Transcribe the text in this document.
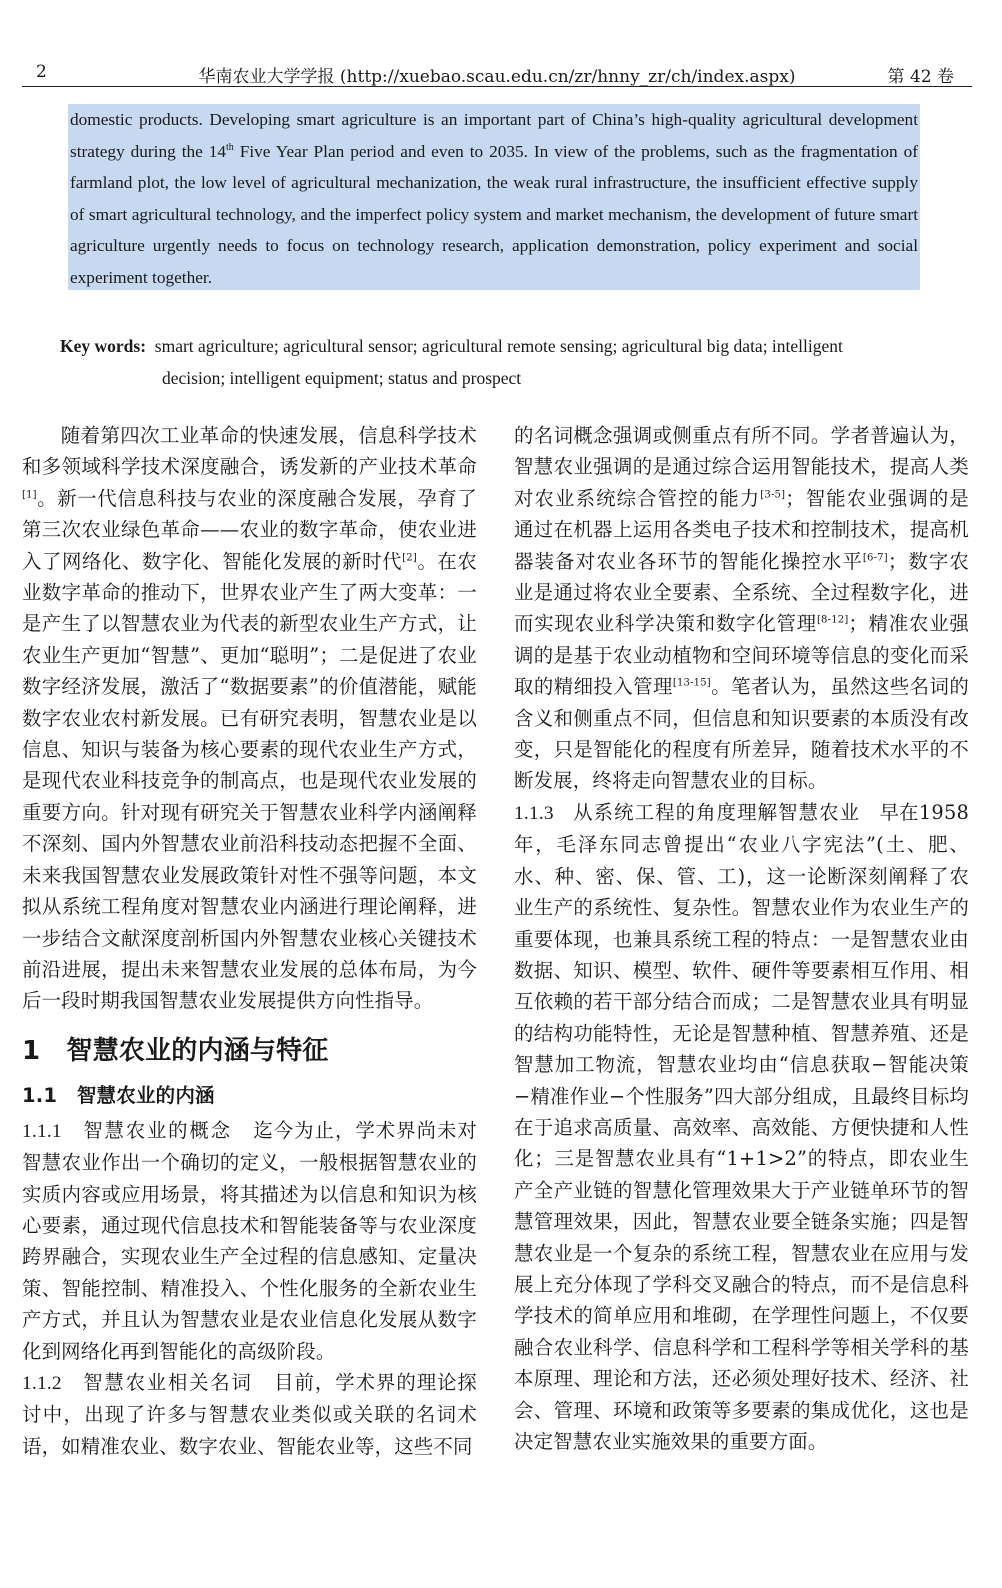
2	华南农业大学学报 (http://xuebao.scau.edu.cn/zr/hnny_zr/ch/index.aspx)	第 42 卷
domestic products. Developing smart agriculture is an important part of China’s high-quality agricultural development strategy during the 14th Five Year Plan period and even to 2035. In view of the problems, such as the fragmentation of farmland plot, the low level of agricultural mechanization, the weak rural infrastructure, the insufficient effective supply of smart agricultural technology, and the imperfect policy system and market mechanism, the development of future smart agriculture urgently needs to focus on technology research, application demonstration, policy experiment and social experiment together.
Key words: smart agriculture; agricultural sensor; agricultural remote sensing; agricultural big data; intelligent
decision; intelligent equipment; status and prospect

随着第四次工业革命的快速发展，信息科学技术和多领域科学技术深度融合，诱发新的产业技术革命[1]。新一代信息科技与农业的深度融合发展，孕育了第三次农业绿色革命——农业的数字革命，使农业进入了网络化、数字化、智能化发展的新时代[2]。在农业数字革命的推动下，世界农业产生了两大变革：一是产生了以智慧农业为代表的新型农业生产方式，让农业生产更加“智慧”、更加“聪明”；二是促进了农业数字经济发展，激活了“数据要素”的价值潜能，赋能数字农业农村新发展。已有研究表明，智慧农业是以信息、知识与装备为核心要素的现代农业生产方式，是现代农业科技竞争的制高点，也是现代农业发展的重要方向。针对现有研究关于智慧农业科学内涵阐释不深刻、国内外智慧农业前沿科技动态把握不全面、未来我国智慧农业发展政策针对性不强等问题，本文拟从系统工程角度对智慧农业内涵进行理论阐释，进一步结合文献深度剖析国内外智慧农业核心关键技术前沿进展，提出未来智慧农业发展的总体布局，为今后一段时期我国智慧农业发展提供方向性指导。

1　智慧农业的内涵与特征

1.1　智慧农业的内涵

1.1.1 智慧农业的概念 迄今为止，学术界尚未对智慧农业作出一个确切的定义，一般根据智慧农业的实质内容或应用场景，将其描述为以信息和知识为核心要素，通过现代信息技术和智能装备等与农业深度跨界融合，实现农业生产全过程的信息感知、定量决策、智能控制、精准投入、个性化服务的全新农业生产方式，并且认为智慧农业是农业信息化发展从数字化到网络化再到智能化的高级阶段。

1.1.2 智慧农业相关名词 目前，学术界的理论探讨中，出现了许多与智慧农业类似或关联的名词术语，如精准农业、数字农业、智能农业等，这些不同

的名词概念强调或侧重点有所不同。学者普遍认为，智慧农业强调的是通过综合运用智能技术，提高人类对农业系统综合管控的能力[3-5]；智能农业强调的是通过在机器上运用各类电子技术和控制技术，提高机器装备对农业各环节的智能化操控水平[6-7]；数字农业是通过将农业全要素、全系统、全过程数字化，进而实现农业科学决策和数字化管理[8-12]；精准农业强调的是基于农业动植物和空间环境等信息的变化而采取的精细投入管理[13-15]。笔者认为，虽然这些名词的含义和侧重点不同，但信息和知识要素的本质没有改变，只是智能化的程度有所差异，随着技术水平的不断发展，终将走向智慧农业的目标。

1.1.3 从系统工程的角度理解智慧农业 早在1958年，毛泽东同志曾提出“农业八字宪法”(土、肥、水、种、密、保、管、工)，这一论断深刻阐释了农业生产的系统性、复杂性。智慧农业作为农业生产的重要体现，也兼具系统工程的特点：一是智慧农业由数据、知识、模型、软件、硬件等要素相互作用、相互依赖的若干部分结合而成；二是智慧农业具有明显的结构功能特性，无论是智慧种植、智慧养殖、还是智慧加工物流，智慧农业均由“信息获取−智能决策−精准作业−个性服务”四大部分组成，且最终目标均在于追求高质量、高效率、高效能、方便快捷和人性化；三是智慧农业具有“1+1>2”的特点，即农业生产全产业链的智慧化管理效果大于产业链单环节的智慧管理效果，因此，智慧农业要全链条实施；四是智慧农业是一个复杂的系统工程，智慧农业在应用与发展上充分体现了学科交叉融合的特点，而不是信息科学技术的简单应用和堆砌，在学理性问题上，不仅要融合农业科学、信息科学和工程科学等相关学科的基本原理、理论和方法，还必须处理好技术、经济、社会、管理、环境和政策等多要素的集成优化，这也是决定智慧农业实施效果的重要方面。
